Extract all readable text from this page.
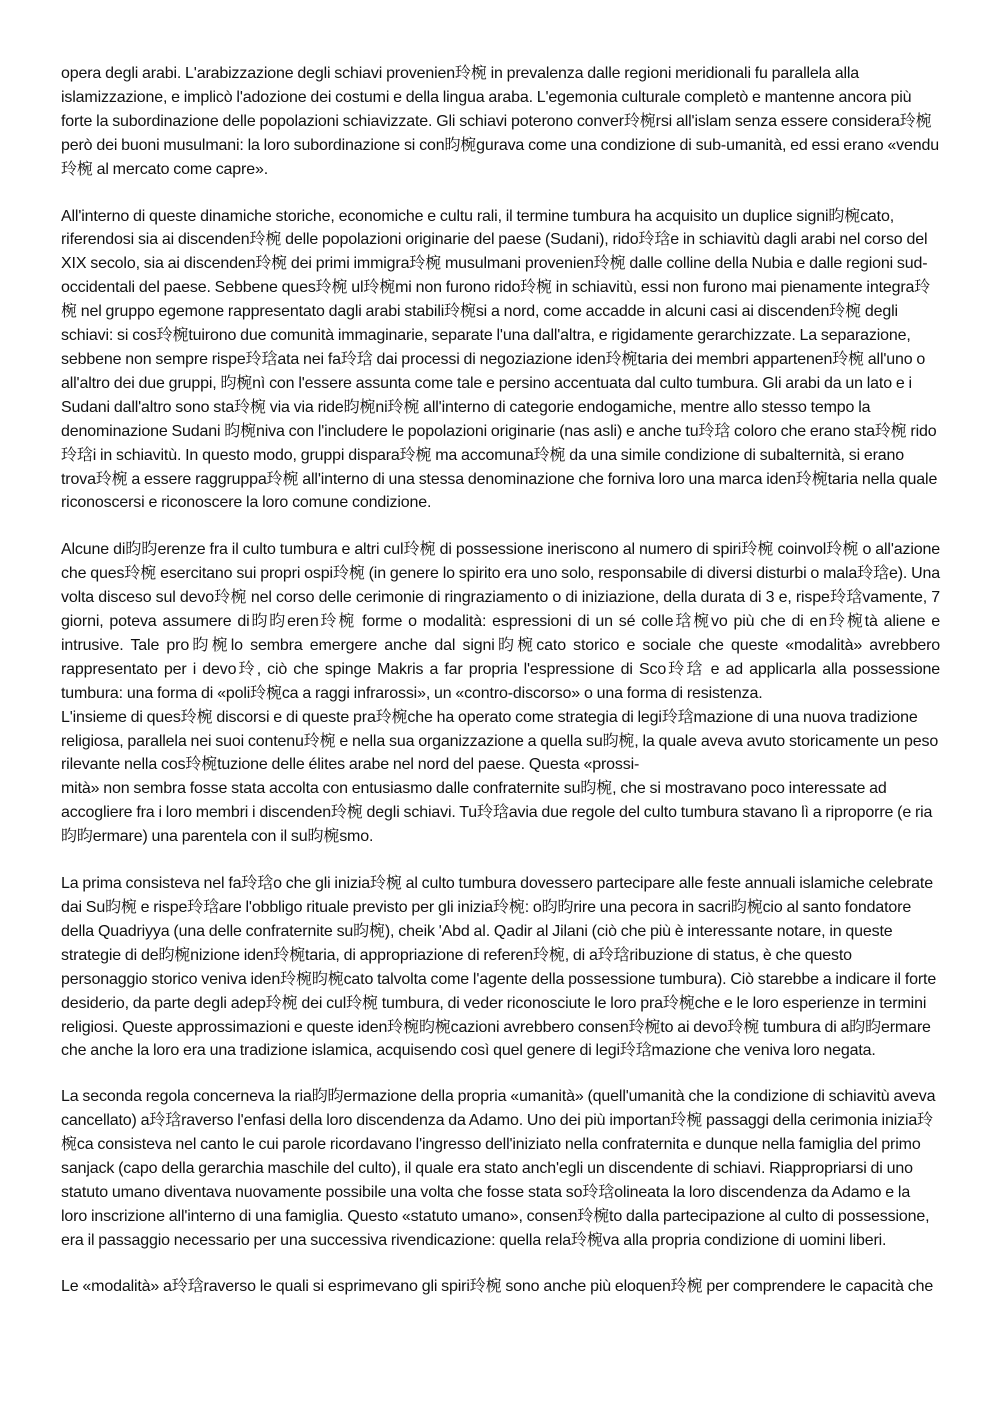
opera degli arabi. L'arabizzazione degli schiavi provenien玲椀 in prevalenza dalle regioni meridionali fu parallela alla islamizzazione, e implicò l'adozione dei costumi e della lingua araba. L'egemonia culturale completò e mantenne ancora più forte la subordinazione delle popolazioni schiavizzate. Gli schiavi poterono conver玲椀rsi all'islam senza essere considera玲椀 però dei buoni musulmani: la loro subordinazione si con昀椀gurava come una condizione di sub-umanità, ed essi erano «vendu玲椀 al mercato come capre».

All'interno di queste dinamiche storiche, economiche e cultu rali, il termine tumbura ha acquisito un duplice signi昀椀cato, riferendosi sia ai discenden玲椀 delle popolazioni originarie del paese (Sudani), rido玲琀e in schiavitù dagli arabi nel corso del XIX secolo, sia ai discenden玲椀 dei primi immigra玲椀 musulmani provenien玲椀 dalle colline della Nubia e dalle regioni sud-occidentali del paese. Sebbene ques玲椀 ul玲椀mi non furono rido玲椀 in schiavitù, essi non furono mai pienamente integra玲椀 nel gruppo egemone rappresentato dagli arabi stabili玲椀si a nord, come accadde in alcuni casi ai discenden玲椀 degli schiavi: si cos玲椀tuirono due comunità immaginarie, separate l'una dall'altra, e rigidamente gerarchizzate. La separazione, sebbene non sempre rispe玲琀ata nei fa玲琀 dai processi di negoziazione iden玲椀taria dei membri appartenen玲椀 all'uno o all'altro dei due gruppi, 昀椀nì con l'essere assunta come tale e persino accentuata dal culto tumbura. Gli arabi da un lato e i Sudani dall'altro sono sta玲椀 via via ride昀椀ni玲椀 all'interno di categorie endogamiche, mentre allo stesso tempo la denominazione Sudani 昀椀niva con l'includere le popolazioni originarie (nas asli) e anche tu玲琀 coloro che erano sta玲椀 rido玲琀i in schiavitù. In questo modo, gruppi dispara玲椀 ma accomuna玲椀 da una simile condizione di subalternità, si erano trova玲椀 a essere raggruppa玲椀 all'interno di una stessa denominazione che forniva loro una marca iden玲椀taria nella quale riconoscersi e riconoscere la loro comune condizione.

Alcune di昀昀erenze fra il culto tumbura e altri cul玲椀 di possessione ineriscono al numero di spiri玲椀 coinvol玲椀 o all'azione che ques玲椀 esercitano sui propri ospi玲椀 (in genere lo spirito era uno solo, responsabile di diversi disturbi o mala玲琀e). Una volta disceso sul devo玲椀 nel corso delle cerimonie di ringraziamento o di iniziazione, della durata di 3 e, rispe玲琀vamente, 7 giorni, poteva assumere di昀昀eren玲椀 forme o modalità: espressioni di un sé colle琀椀vo più che di en玲椀tà aliene e intrusive. Tale pro昀椀lo sembra emergere anche dal signi昀椀cato storico e sociale che queste «modalità» avrebbero rappresentato per i devo玲, ciò che spinge Makris a far propria l'espressione di Sco玲琀 e ad applicarla alla possessione tumbura: una forma di «poli玲椀ca a raggi infrarossi», un «contro-discorso» o una forma di resistenza.

L'insieme di ques玲椀 discorsi e di queste pra玲椀che ha operato come strategia di legi玲琀mazione di una nuova tradizione religiosa, parallela nei suoi contenu玲椀 e nella sua organizzazione a quella su昀椀, la quale aveva avuto storicamente un peso rilevante nella cos玲椀tuzione delle élites arabe nel nord del paese. Questa «prossi-

mità» non sembra fosse stata accolta con entusiasmo dalle confraternite su昀椀, che si mostravano poco interessate ad accogliere fra i loro membri i discenden玲椀 degli schiavi. Tu玲琀avia due regole del culto tumbura stavano lì a riproporre (e ria昀昀ermare) una parentela con il su昀椀smo.

La prima consisteva nel fa玲琀o che gli inizia玲椀 al culto tumbura dovessero partecipare alle feste annuali islamiche celebrate dai Su昀椀 e rispe玲琀are l'obbligo rituale previsto per gli inizia玲椀: o昀昀rire una pecora in sacri昀椀cio al santo fondatore della Quadriyya (una delle confraternite su昀椀), cheik 'Abd al. Qadir al Jilani (ciò che più è interessante notare, in queste strategie di de昀椀nizione iden玲椀taria, di appropriazione di referen玲椀, di a玲琀ribuzione di status, è che questo personaggio storico veniva iden玲椀昀椀cato talvolta come l'agente della possessione tumbura). Ciò starebbe a indicare il forte desiderio, da parte degli adep玲椀 dei cul玲椀 tumbura, di veder riconosciute le loro pra玲椀che e le loro esperienze in termini religiosi. Queste approssimazioni e queste iden玲椀昀椀cazioni avrebbero consen玲椀to ai devo玲椀 tumbura di a昀昀ermare che anche la loro era una tradizione islamica, acquisendo così quel genere di legi玲琀mazione che veniva loro negata.

La seconda regola concerneva la ria昀昀ermazione della propria «umanità» (quell'umanità che la condizione di schiavitù aveva cancellato) a玲琀raverso l'enfasi della loro discendenza da Adamo. Uno dei più importan玲椀 passaggi della cerimonia inizia玲椀ca consisteva nel canto le cui parole ricordavano l'ingresso dell'iniziato nella confraternita e dunque nella famiglia del primo sanjack (capo della gerarchia maschile del culto), il quale era stato anch'egli un discendente di schiavi. Riappropriarsi di uno statuto umano diventava nuovamente possibile una volta che fosse stata so玲琀olineata la loro discendenza da Adamo e la loro inscrizione all'interno di una famiglia. Questo «statuto umano», consen玲椀to dalla partecipazione al culto di possessione, era il passaggio necessario per una successiva rivendicazione: quella rela玲椀va alla propria condizione di uomini liberi.

Le «modalità» a玲琀raverso le quali si esprimevano gli spiri玲椀 sono anche più eloquen玲椀 per comprendere le capacità che
